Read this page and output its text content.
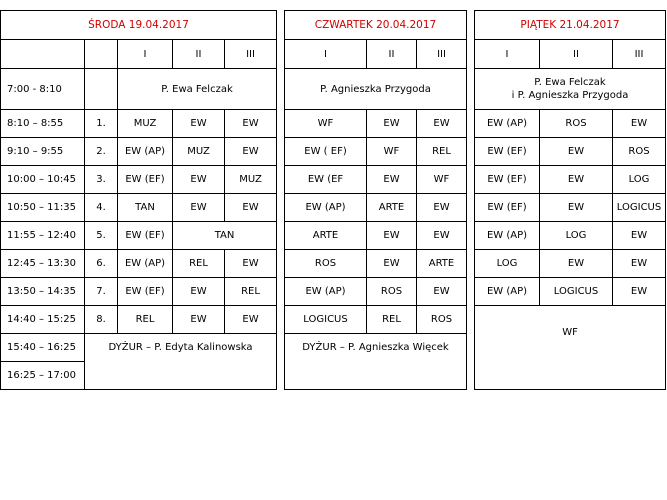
ŚRODA 19.04.2017				
		I	II	III
7:00 - 8:10		P. Ewa Felczak		
8:10 – 8:55	1.	MUZ	EW	EW
9:10 – 9:55	2.	EW (AP)	MUZ	EW
10:00 – 10:45	3.	EW (EF)	EW	MUZ
10:50 – 11:35	4.	TAN	EW	EW
11:55 – 12:40	5.	EW (EF)	TAN	
12:45 – 13:30	6.	EW (AP)	REL	EW
13:50 – 14:35	7.	EW (EF)	EW	REL
14:40 – 15:25	8.	REL	EW	EW
15:40 – 16:25	DYŻUR – P. Edyta Kalinowska			
16:25 – 17:00				
CZWARTEK 20.04.2017		
I	II	III
P. Agnieszka Przygoda		
WF	EW	EW
EW ( EF)	WF	REL
EW (EF	EW	WF
EW (AP)	ARTE	EW
ARTE	EW	EW
ROS	EW	ARTE
EW (AP)	ROS	EW
LOGICUS	REL	ROS
DYŻUR – P. Agnieszka Więcek		

PIĄTEK 21.04.2017		
I	II	III
P. Ewa Felczak
i P. Agnieszka Przygoda		
EW (AP)	ROS	EW
EW (EF)	EW	ROS
EW (EF)	EW	LOG
EW (EF)	EW	LOGICUS
EW (AP)	LOG	EW
LOG	EW	EW
EW (AP)	LOGICUS	EW
WF		
